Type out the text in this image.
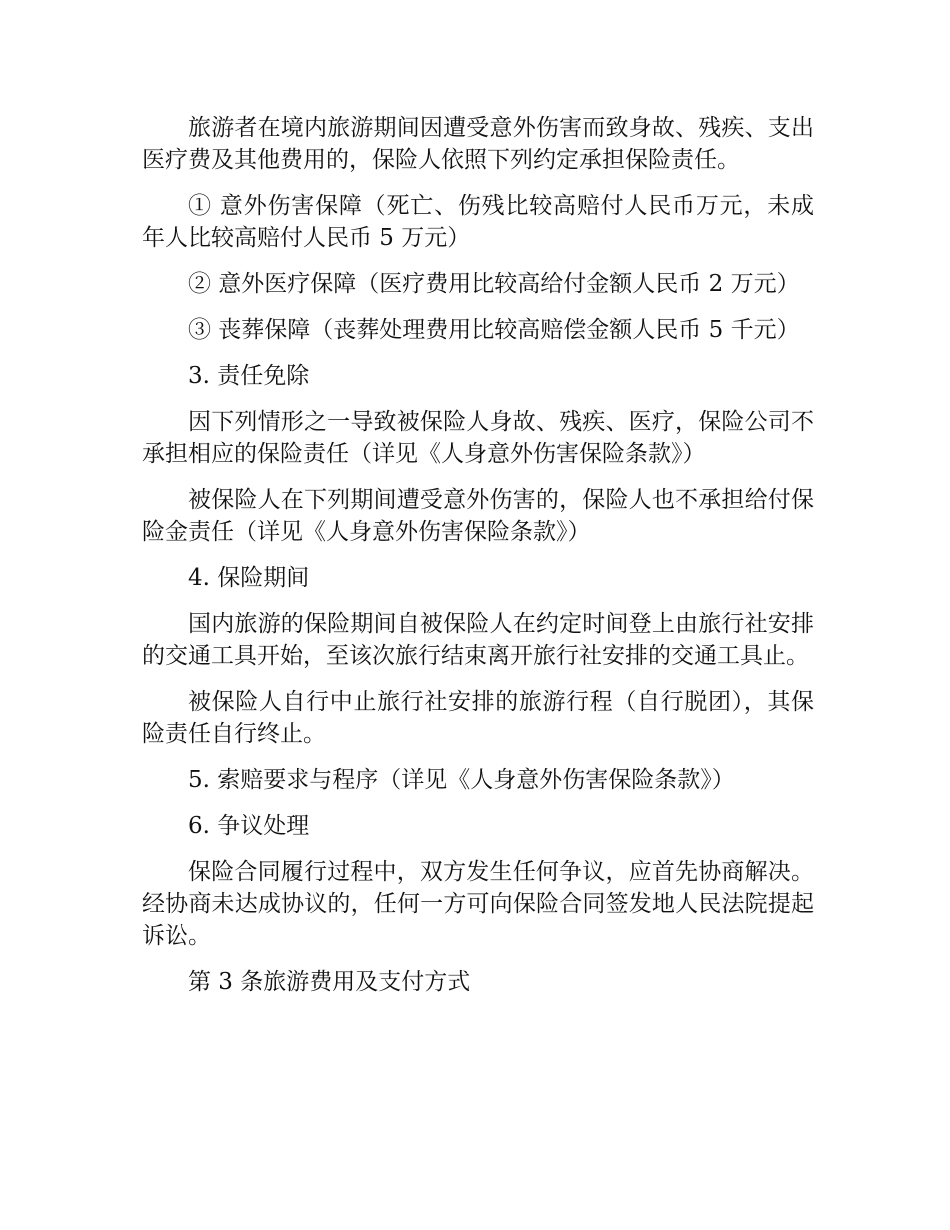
旅游者在境内旅游期间因遭受意外伤害而致身故、残疾、支出医疗费及其他费用的，保险人依照下列约定承担保险责任。

① 意外伤害保障（死亡、伤残比较高赔付人民币万元，未成年人比较高赔付人民币 5 万元）

② 意外医疗保障（医疗费用比较高给付金额人民币 2 万元）

③ 丧葬保障（丧葬处理费用比较高赔偿金额人民币 5 千元）

3. 责任免除

因下列情形之一导致被保险人身故、残疾、医疗，保险公司不承担相应的保险责任（详见《人身意外伤害保险条款》）

被保险人在下列期间遭受意外伤害的，保险人也不承担给付保险金责任（详见《人身意外伤害保险条款》）

4. 保险期间

国内旅游的保险期间自被保险人在约定时间登上由旅行社安排的交通工具开始，至该次旅行结束离开旅行社安排的交通工具止。

被保险人自行中止旅行社安排的旅游行程（自行脱团），其保险责任自行终止。

5. 索赔要求与程序（详见《人身意外伤害保险条款》）

6. 争议处理

保险合同履行过程中，双方发生任何争议，应首先协商解决。经协商未达成协议的，任何一方可向保险合同签发地人民法院提起诉讼。

第 3 条旅游费用及支付方式
